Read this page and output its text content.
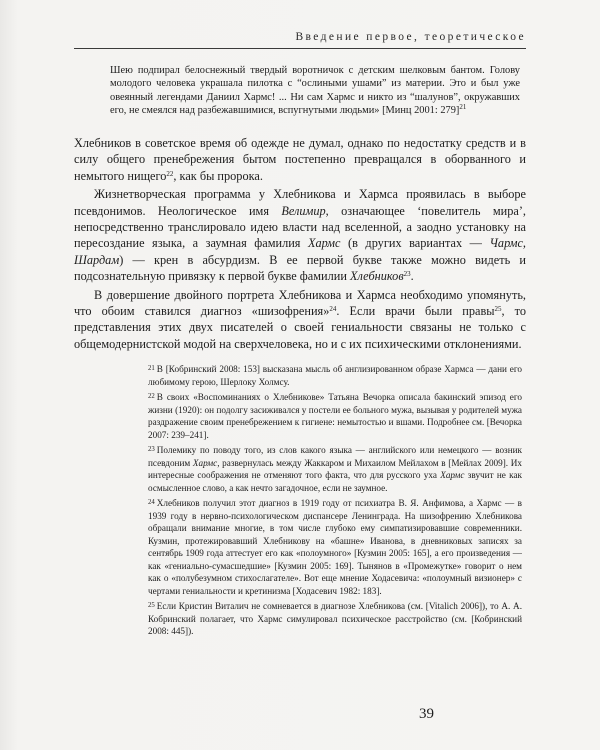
Введение первое, теоретическое
Шею подпирал белоснежный твердый воротничок с детским шелковым бантом. Голову молодого человека украшала пилотка с “ослиными ушами” из материи. Это и был уже овеянный легендами Даниил Хармс! ... Ни сам Хармс и никто из “шалунов”, окружавших его, не смеялся над разбежавшимися, вспугнутыми людьми» [Минц 2001: 279]$^{21}$

Хлебников в советское время об одежде не думал, однако по недостатку средств и в силу общего пренебрежения бытом постепенно превращался в оборванного и немытого нищего$^{22}$, как бы пророка.

Жизнетворческая программа у Хлебникова и Хармса проявилась в выборе псевдонимов. Неологическое имя Велимир, означающее ‘повелитель мира’, непосредственно транслировало идею власти над вселенной, а заодно установку на пересоздание языка, а заумная фамилия Хармс (в других вариантах — Чармс, Шардам) — крен в абсурдизм. В ее первой букве также можно видеть и подсознательную привязку к первой букве фамилии Хлебников$^{23}$.

В довершение двойного портрета Хлебникова и Хармса необходимо упомянуть, что обоим ставился диагноз «шизофрения»$^{24}$. Если врачи были правы$^{25}$, то представления этих двух писателей о своей гениальности связаны не только с общемодернистской модой на сверхчеловека, но и с их психическими отклонениями.

$^{21}$ В [Кобринский 2008: 153] высказана мысль об англизированном образе Хармса — дани его любимому герою, Шерлоку Холмсу.

$^{22}$ В своих «Воспоминаниях о Хлебникове» Татьяна Вечорка описала бакинский эпизод его жизни (1920): он подолгу засиживался у постели ее больного мужа, вызывая у родителей мужа раздражение своим пренебрежением к гигиене: немытостью и вшами. Подробнее см. [Вечорка 2007: 239–241].

$^{23}$ Полемику по поводу того, из слов какого языка — английского или немецкого — возник псевдоним Хармс, развернулась между Жаккаром и Михаилом Мейлахом в [Мейлах 2009]. Их интересные соображения не отменяют того факта, что для русского уха Хармс звучит не как осмысленное слово, а как нечто загадочное, если не заумное.

$^{24}$ Хлебников получил этот диагноз в 1919 году от психиатра В. Я. Анфимова, а Хармс — в 1939 году в нервно-психологическом диспансере Ленинграда. На шизофрению Хлебникова обращали внимание многие, в том числе глубоко ему симпатизировавшие современники. Кузмин, протежировавший Хлебникову на «башне» Иванова, в дневниковых записях за сентябрь 1909 года аттестует его как «полоумного» [Кузмин 2005: 165], а его произведения — как «гениально-сумасшедшие» [Кузмин 2005: 169]. Тынянов в «Промежутке» говорит о нем как о «полубезумном стихослагателе». Вот еще мнение Ходасевича: «полоумный визионер» с чертами гениальности и кретинизма [Ходасевич 1982: 183].

$^{25}$ Если Кристин Виталич не сомневается в диагнозе Хлебникова (см. [Vitalich 2006]), то А. А. Кобринский полагает, что Хармс симулировал психическое расстройство (см. [Кобринский 2008: 445]).

39
